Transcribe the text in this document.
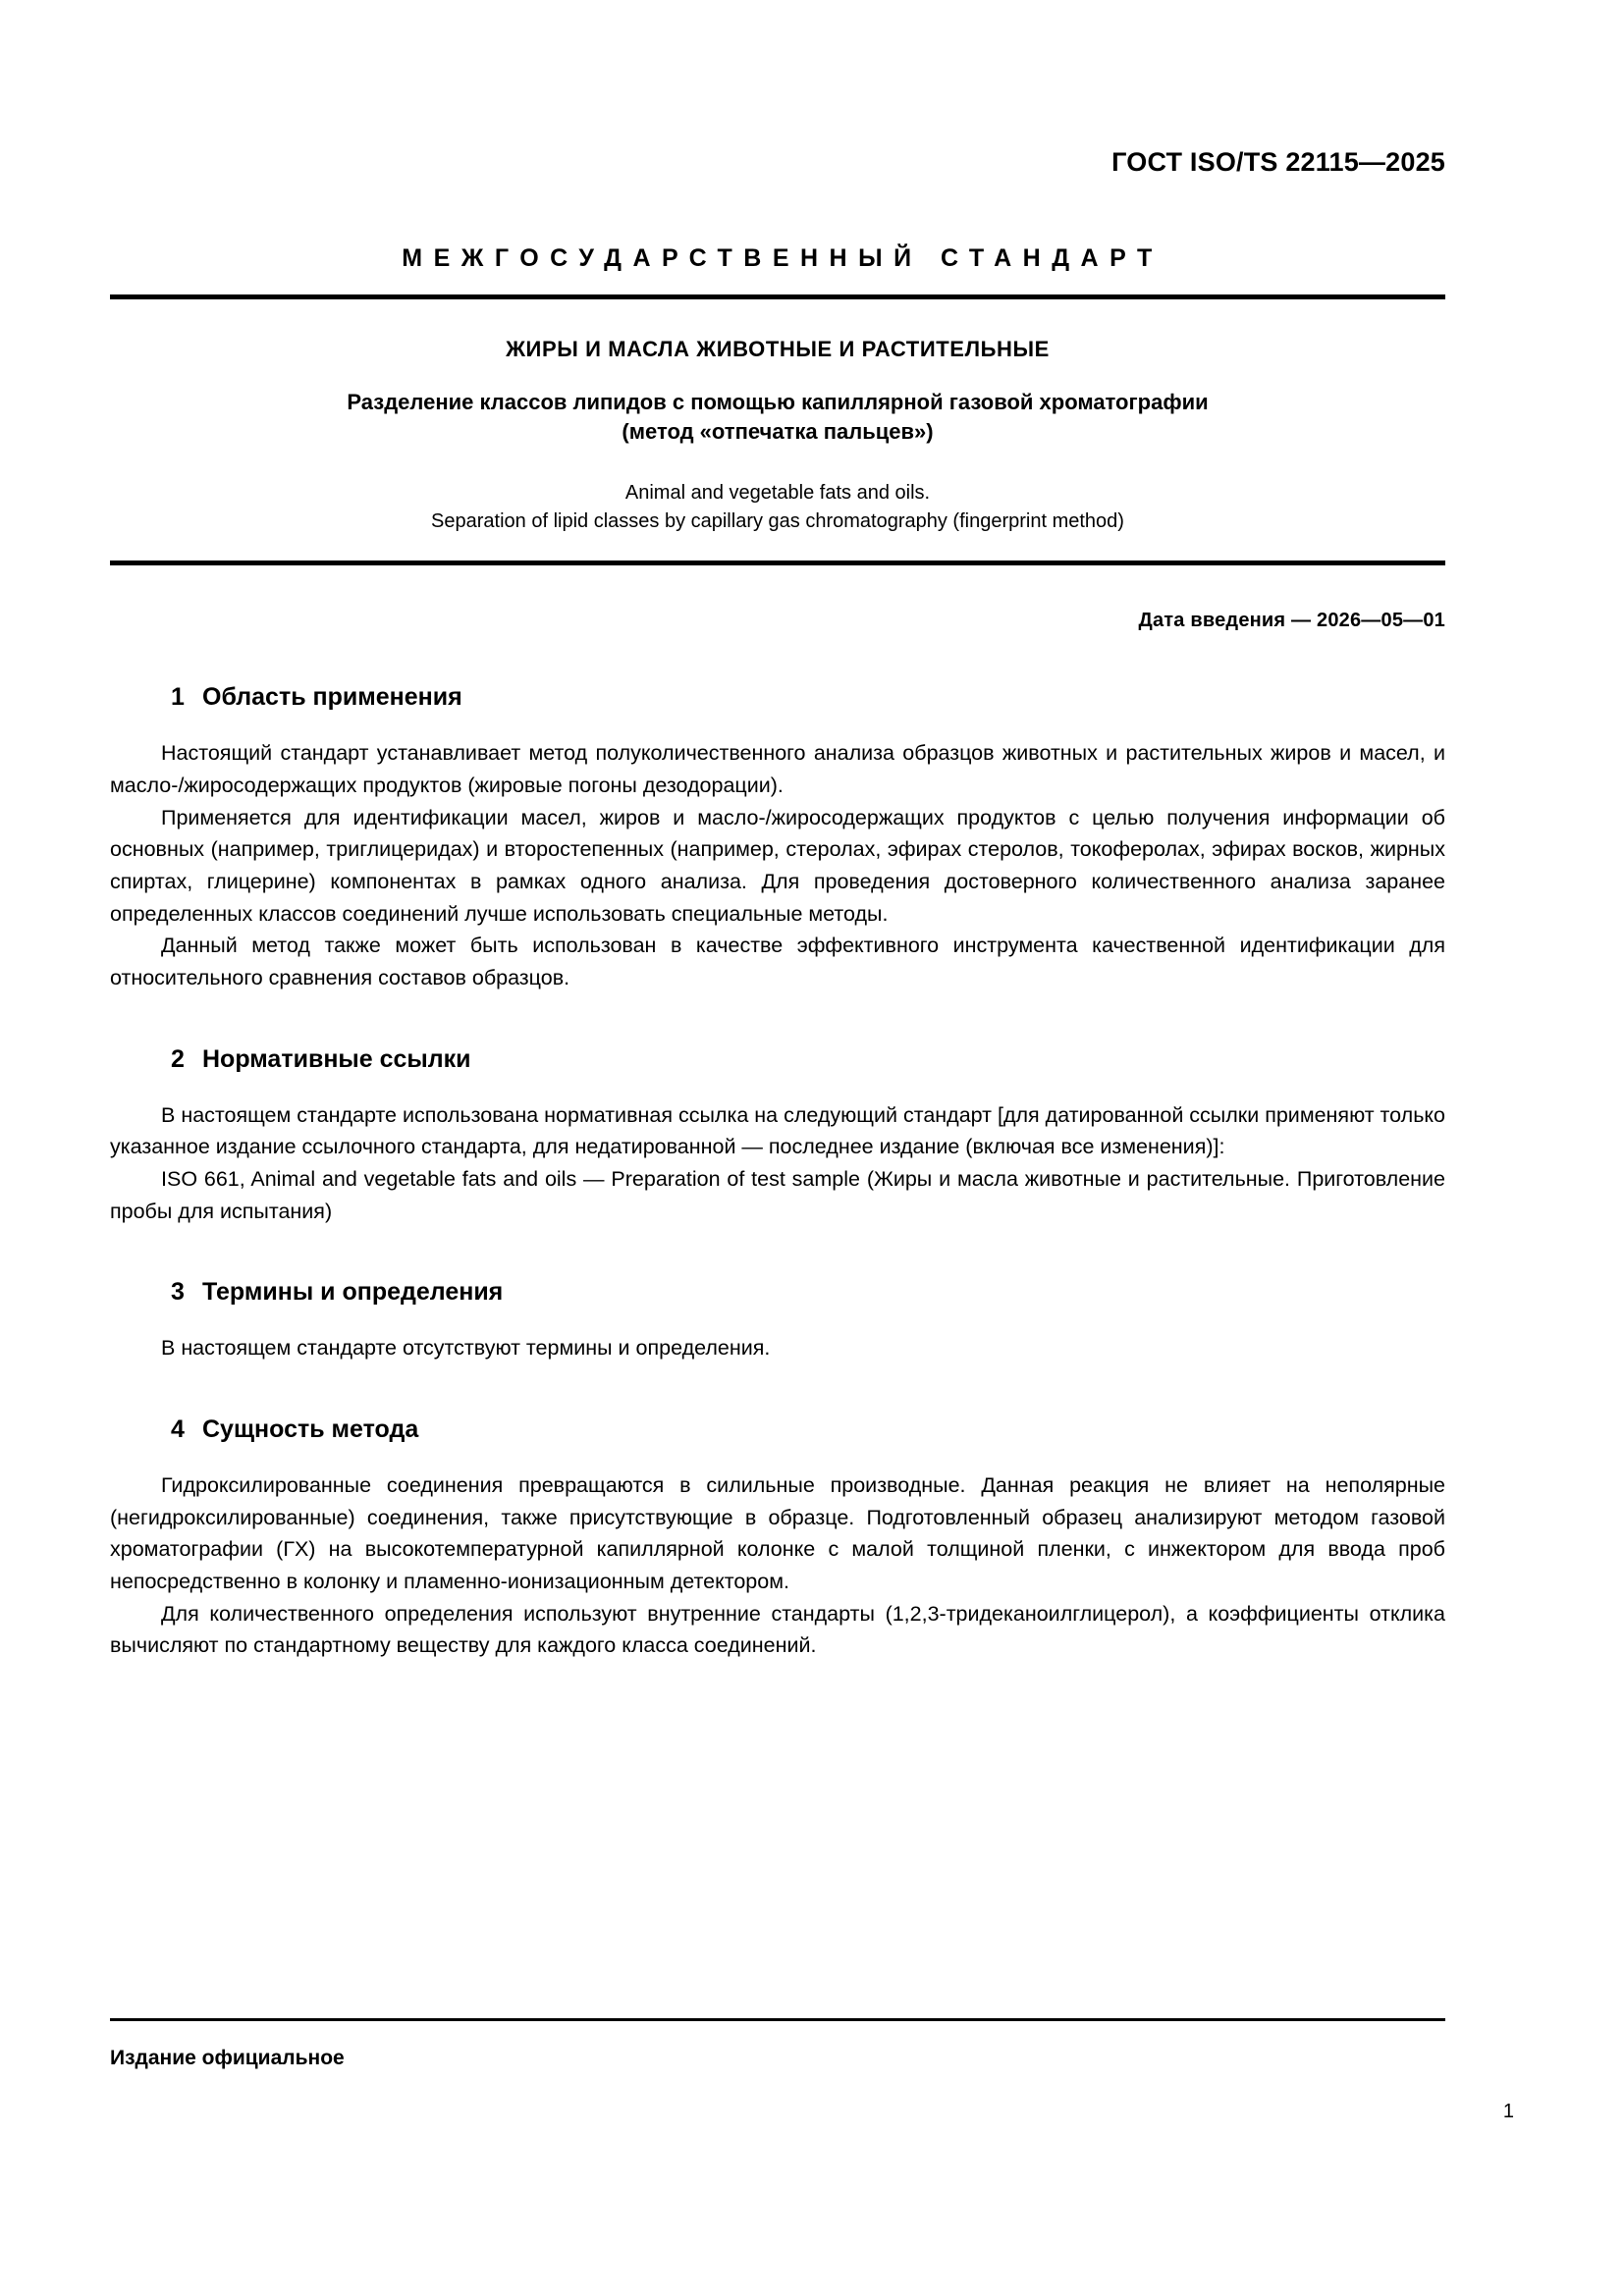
ГОСТ ISO/TS 22115—2025
МЕЖГОСУДАРСТВЕННЫЙ СТАНДАРТ
ЖИРЫ И МАСЛА ЖИВОТНЫЕ И РАСТИТЕЛЬНЫЕ
Разделение классов липидов с помощью капиллярной газовой хроматографии
(метод «отпечатка пальцев»)
Animal and vegetable fats and oils.
Separation of lipid classes by capillary gas chromatography (fingerprint method)
Дата введения — 2026—05—01
1 Область применения

Настоящий стандарт устанавливает метод полуколичественного анализа образцов животных и растительных жиров и масел, и масло-/жиросодержащих продуктов (жировые погоны дезодорации).

Применяется для идентификации масел, жиров и масло-/жиросодержащих продуктов с целью получения информации об основных (например, триглицеридах) и второстепенных (например, стеролах, эфирах стеролов, токоферолах, эфирах восков, жирных спиртах, глицерине) компонентах в рамках одного анализа. Для проведения достоверного количественного анализа заранее определенных классов соединений лучше использовать специальные методы.

Данный метод также может быть использован в качестве эффективного инструмента качественной идентификации для относительного сравнения составов образцов.

2 Нормативные ссылки

В настоящем стандарте использована нормативная ссылка на следующий стандарт [для датированной ссылки применяют только указанное издание ссылочного стандарта, для недатированной — последнее издание (включая все изменения)]:

ISO 661, Animal and vegetable fats and oils — Preparation of test sample (Жиры и масла животные и растительные. Приготовление пробы для испытания)

3 Термины и определения

В настоящем стандарте отсутствуют термины и определения.

4 Сущность метода

Гидроксилированные соединения превращаются в силильные производные. Данная реакция не влияет на неполярные (негидроксилированные) соединения, также присутствующие в образце. Подготовленный образец анализируют методом газовой хроматографии (ГХ) на высокотемпературной капиллярной колонке с малой толщиной пленки, с инжектором для ввода проб непосредственно в колонку и пламенно-ионизационным детектором.

Для количественного определения используют внутренние стандарты (1,2,3-тридеканоилглицерол), а коэффициенты отклика вычисляют по стандартному веществу для каждого класса соединений.

Издание официальное
1
